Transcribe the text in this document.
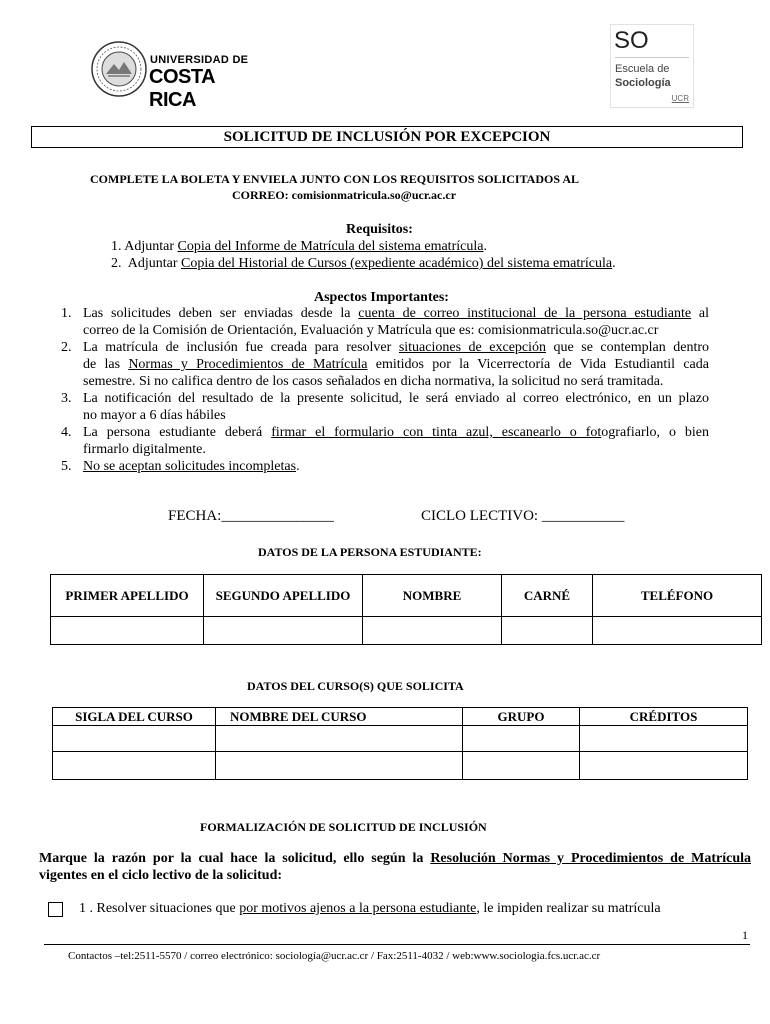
UNIVERSIDAD DE
COSTA RICA
SO
Escuela de
Sociología
UCR
SOLICITUD DE INCLUSIÓN POR EXCEPCION
COMPLETE LA BOLETA Y ENVIELA JUNTO CON LOS REQUISITOS SOLICITADOS AL
CORREO: comisionmatricula.so@ucr.ac.cr
Requisitos:
1. Adjuntar Copia del Informe de Matrícula del sistema ematrícula.
2. Adjuntar Copia del Historial de Cursos (expediente académico) del sistema ematrícula.
Aspectos Importantes:
1. Las solicitudes deben ser enviadas desde la cuenta de correo institucional de la persona estudiante al
correo de la Comisión de Orientación, Evaluación y Matrícula que es: comisionmatricula.so@ucr.ac.cr
2. La matrícula de inclusión fue creada para resolver situaciones de excepción que se contemplan dentro
de las Normas y Procedimientos de Matrícula emitidos por la Vicerrectoría de Vida Estudiantil cada
semestre. Si no califica dentro de los casos señalados en dicha normativa, la solicitud no será tramitada.
3. La notificación del resultado de la presente solicitud, le será enviado al correo electrónico, en un plazo
no mayor a 6 días hábiles
4. La persona estudiante deberá firmar el formulario con tinta azul, escanearlo o fotografiarlo, o bien
firmarlo digitalmente.
5. No se aceptan solicitudes incompletas.
FECHA:_______________	CICLO LECTIVO: ___________
DATOS DE LA PERSONA ESTUDIANTE:
PRIMER APELLIDO	SEGUNDO APELLIDO	NOMBRE	CARNÉ	TELÉFONO

DATOS DEL CURSO(S) QUE SOLICITA
SIGLA DEL CURSO	NOMBRE DEL CURSO	GRUPO	CRÉDITOS

FORMALIZACIÓN DE SOLICITUD DE INCLUSIÓN
Marque la razón por la cual hace la solicitud, ello según la Resolución Normas y Procedimientos de Matrícula
vigentes en el ciclo lectivo de la solicitud:
1 . Resolver situaciones que por motivos ajenos a la persona estudiante, le impiden realizar su matrícula
1
Contactos –tel:2511-5570 / correo electrónico: sociología@ucr.ac.cr / Fax:2511-4032 / web:www.sociologia.fcs.ucr.ac.cr
